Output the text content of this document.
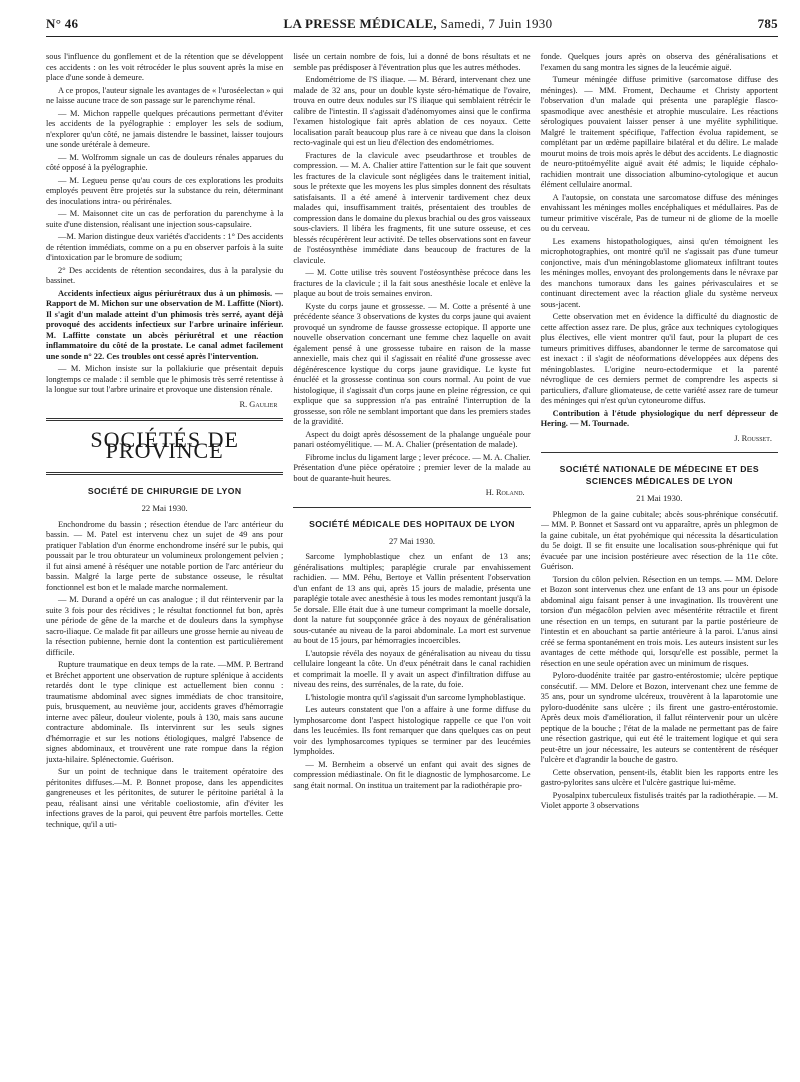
N° 46	LA PRESSE MÉDICALE, Samedi, 7 Juin 1930	785

sous l'influence du gonflement et de la rétention que se développent ces accidents : on les voit rétrocéder le plus souvent après la mise en place d'une sonde à demeure.

A ce propos, l'auteur signale les avantages de « l'uroséelectan » qui ne laisse aucune trace de son passage sur le parenchyme rénal.

— M. Michon rappelle quelques précautions permettant d'éviter les accidents de la pyélographie : employer les sels de sodium, n'explorer qu'un côté, ne jamais distendre le bassinet, laisser toujours une sonde urétérale à demeure.

— M. Wolfromm signale un cas de douleurs rénales apparues du côté opposé à la pyélographie.

— M. Legueu pense qu'au cours de ces explorations les produits employés peuvent être projetés sur la substance du rein, déterminant des inoculations intra- ou périrénales.

— M. Maisonnet cite un cas de perforation du parenchyme à la suite d'une distension, réalisant une injection sous-capsulaire.

—M. Marion distingue deux variétés d'accidents : 1° Des accidents de rétention immédiats, comme on a pu en observer parfois à la suite d'intoxication par le bromure de sodium;

2° Des accidents de rétention secondaires, dus à la paralysie du bassinet.

Accidents infectieux aigus périurétraux dus à un phimosis. — Rapport de M. Michon sur une observation de M. Laffitte (Niort). Il s'agit d'un malade atteint d'un phimosis très serré, ayant déjà provoqué des accidents infectieux sur l'arbre urinaire inférieur. M. Laffitte constate un abcès périurétral et une réaction inflammatoire du côté de la prostate. Le canal admet facilement une sonde n° 22. Ces troubles ont cessé après l'intervention.

— M. Michon insiste sur la pollakiurie que présentait depuis longtemps ce malade : il semble que le phimosis très serré retentisse à la longue sur tout l'arbre urinaire et provoque une distension rénale.

R. Gaulier
SOCIÉTÉS DE PROVINCE
SOCIÉTÉ DE CHIRURGIE DE LYON
22 Mai 1930.

Enchondrome du bassin ; résection étendue de l'arc antérieur du bassin. — M. Patel est intervenu chez un sujet de 49 ans pour pratiquer l'ablation d'un énorme enchondrome inséré sur le pubis, qui poussait par le trou obturateur un volumineux prolongement pelvien ; il fut ainsi amené à réséquer une notable portion de l'arc antérieur du bassin. Malgré la large perte de substance osseuse, le résultat fonctionnel est bon et le malade marche normalement.

— M. Durand a opéré un cas analogue ; il dut réintervenir par la suite 3 fois pour des récidives ; le résultat fonctionnel fut bon, après une période de gêne de la marche et de douleurs dans la symphyse sacro-iliaque. Ce malade fit par ailleurs une grosse hernie au niveau de la résection pubienne, hernie dont la contention est particulièrement difficile.

Rupture traumatique en deux temps de la rate. —MM. P. Bertrand et Bréchet apportent une observation de rupture splénique à accidents retardés dont le type clinique est actuellement bien connu : traumatisme abdominal avec signes immédiats de choc transitoire, puis, brusquement, au neuvième jour, accidents graves d'hémorragie interne avec pâleur, douleur violente, pouls à 130, mais sans aucune contracture abdominale. Ils intervinrent sur les seuls signes d'hémorragie et sur les notions étiologiques, malgré l'absence de signes abdominaux, et trouvèrent une rate rompue dans la région juxta-hilaire. Splénectomie. Guérison.

Sur un point de technique dans le traitement opératoire des péritonites diffuses.—M. P. Bonnet propose, dans les appendicites gangreneuses et les péritonites, de suturer le péritoine pariétal à la peau, réalisant ainsi une véritable coeliostomie, afin d'éviter les infections graves de la paroi, qui peuvent être parfois mortelles. Cette technique, qu'il a uti-

lisée un certain nombre de fois, lui a donné de bons résultats et ne semble pas prédisposer à l'éventration plus que les autres méthodes.

Endométriome de l'S iliaque. — M. Bérard, intervenant chez une malade de 32 ans, pour un double kyste séro-hématique de l'ovaire, trouva en outre deux nodules sur l'S iliaque qui semblaient rétrécir le calibre de l'intestin. Il s'agissait d'adénomyomes ainsi que le confirma l'examen histologique fait après ablation de ces noyaux. Cette localisation paraît beaucoup plus rare à ce niveau que dans la cloison recto-vaginale qui est un lieu d'élection des endométriomes.

Fractures de la clavicule avec pseudarthrose et troubles de compression. — M. A. Chalier attire l'attention sur le fait que souvent les fractures de la clavicule sont négligées dans le traitement initial, sous le prétexte que les moyens les plus simples donnent des résultats satisfaisants. Il a été amené à intervenir tardivement chez deux malades qui, insuffisamment traités, présentaient des troubles de compression dans le domaine du plexus brachial ou des gros vaisseaux sous-claviers. Il libéra les fragments, fit une suture osseuse, et ces blessés récupérèrent leur activité. De telles observations sont en faveur de l'ostéosynthèse immédiate dans beaucoup de fractures de la clavicule.

— M. Cotte utilise très souvent l'ostéosynthèse précoce dans les fractures de la clavicule ; il la fait sous anesthésie locale et enlève la plaque au bout de trois semaines environ.

Kyste du corps jaune et grossesse. — M. Cotte a présenté à une précédente séance 3 observations de kystes du corps jaune qui avaient provoqué un syndrome de fausse grossesse ectopique. Il apporte une nouvelle observation concernant une femme chez laquelle on avait également pensé à une grossesse tubaire en raison de la masse annexielle, mais chez qui il s'agissait en réalité d'une grossesse avec dégénérescence kystique du corps jaune gravidique. Le kyste fut énucléé et la grossesse continua son cours normal. Au point de vue histologique, il s'agissait d'un corps jaune en pleine régression, ce qui explique que sa suppression n'a pas entraîné l'interruption de la grossesse, son rôle ne semblant important que dans les premiers stades de la gravidité.

Aspect du doigt après désossement de la phalange unguéale pour panari ostéomyélitique. — M. A. Chalier (présentation de malade).

Fibrome inclus du ligament large ; lever précoce. — M. A. Chalier. Présentation d'une pièce opératoire ; premier lever de la malade au bout de quarante-huit heures.

H. Roland.
SOCIÉTÉ MÉDICALE DES HOPITAUX DE LYON
27 Mai 1930.

Sarcome lymphoblastique chez un enfant de 13 ans; généralisations multiples; paraplégie crurale par envahissement rachidien. — MM. Péhu, Bertoye et Vallin présentent l'observation d'un enfant de 13 ans qui, après 15 jours de maladie, présenta une paraplégie totale avec anesthésie à tous les modes remontant jusqu'à la 5e dorsale. Elle était due à une tumeur comprimant la moelle dorsale, dont la nature fut soupçonnée grâce à des noyaux de généralisation sous-cutanée au niveau de la paroi abdominale. La mort est survenue au bout de 15 jours, par hémorragies incoercibles.

L'autopsie révéla des noyaux de généralisation au niveau du tissu cellulaire longeant la côte. Un d'eux pénétrait dans le canal rachidien et comprimait la moelle. Il y avait un aspect d'infiltration diffuse au niveau des reins, des surrénales, de la rate, du foie.

L'histologie montra qu'il s'agissait d'un sarcome lymphoblastique.

Les auteurs constatent que l'on a affaire à une forme diffuse du lymphosarcome dont l'aspect histologique rappelle ce que l'on voit dans les leucémies. Ils font remarquer que dans quelques cas on peut voir des lymphosarcomes typiques se terminer par des leucémies lymphoïdes.

— M. Bernheim a observé un enfant qui avait des signes de compression médiastinale. On fit le diagnostic de lymphosarcome. Le sang était normal. On institua un traitement par la radiothérapie pro-

fonde. Quelques jours après on observa des généralisations et l'examen du sang montra les signes de la leucémie aiguë.

Tumeur méningée diffuse primitive (sarcomatose diffuse des méninges). — MM. Froment, Dechaume et Christy apportent l'observation d'un malade qui présenta une paraplégie flasco-spasmodique avec anesthésie et atrophie musculaire. Les réactions sérologiques pouvaient laisser penser à une myélite syphilitique. Malgré le traitement spécifique, l'affection évolua rapidement, se complétant par un œdème papillaire bilatéral et du délire. Le malade mourut moins de trois mois après le début des accidents. Le diagnostic de neuro-ptitoémyélite aiguë avait été admis; le liquide céphalo-rachidien montrait une dissociation albumino-cytologique et aucun élément cellulaire anormal.

A l'autopsie, on constata une sarcomatose diffuse des méninges envahissant les méninges molles encéphaliques et médullaires. Pas de tumeur primitive viscérale, Pas de tumeur ni de gliome de la moelle ou du cerveau.

Les examens histopathologiques, ainsi qu'en témoignent les microphotographies, ont montré qu'il ne s'agissait pas d'une tumeur conjonctive, mais d'un méningoblastome gliomateux infiltrant toutes les méninges molles, envoyant des prolongements dans le névraxe par des manchons tumoraux dans les gaines périvasculaires et se continuant directement avec la réaction gliale du système nerveux sous-jacent.

Cette observation met en évidence la difficulté du diagnostic de cette affection assez rare. De plus, grâce aux techniques cytologiques plus électives, elle vient montrer qu'il faut, pour la plupart de ces tumeurs primitives diffuses, abandonner le terme de sarcomatose qui est inexact : il s'agit de néoformations développées aux dépens des méningoblastes. L'origine neuro-ectodermique et la parenté névroglique de ces derniers permet de comprendre les aspects si particuliers, d'allure gliomateuse, de cette variété assez rare de tumeur des méninges qui n'est qu'un cytoneurome diffus.

Contribution à l'étude physiologique du nerf dépresseur de Hering. — M. Tournade.

J. Rousset.
SOCIÉTÉ NATIONALE DE MÉDECINE ET DES SCIENCES MÉDICALES DE LYON
21 Mai 1930.

Phlegmon de la gaine cubitale; abcès sous-phrénique consécutif. — MM. P. Bonnet et Sassard ont vu apparaître, après un phlegmon de la gaine cubitale, un état pyohémique qui nécessita la désarticulation du 5e doigt. Il se fit ensuite une localisation sous-phrénique qui fut évacuée par une incision postérieure avec résection de la 11e côte. Guérison.

Torsion du côlon pelvien. Résection en un temps. — MM. Delore et Bozon sont intervenus chez une enfant de 13 ans pour un épisode abdominal aigu faisant penser à une invagination. Ils trouvèrent une torsion d'un mégacôlon pelvien avec mésentérite rétractile et firent une résection en un temps, en suturant par la partie postérieure de l'intestin et en abouchant sa partie antérieure à la paroi. L'anus ainsi créé se ferma spontanément en trois mois. Les auteurs insistent sur les avantages de cette méthode qui, lorsqu'elle est possible, permet la résection en une seule opération avec un minimum de risques.

Pyloro-duodénite traitée par gastro-entérostomie; ulcère peptique consécutif. — MM. Delore et Bozon, intervenant chez une femme de 35 ans, pour un syndrome ulcéreux, trouvèrent à la laparotomie une pyloro-duodénite sans ulcère ; ils firent une gastro-entérostomie. Après deux mois d'amélioration, il fallut réintervenir pour un ulcère peptique de la bouche ; l'état de la malade ne permettant pas de faire une résection gastrique, qui eut été le traitement logique et qui sera peut-être un jour nécessaire, les auteurs se contentèrent de réséquer l'ulcère et d'agrandir la bouche de gastro.

Cette observation, pensent-ils, établit bien les rapports entre les gastro-pylorites sans ulcère et l'ulcère gastrique lui-même.

Pyosalpinx tuberculeux fistulisés traités par la radiothérapie. — M. Violet apporte 3 observations
